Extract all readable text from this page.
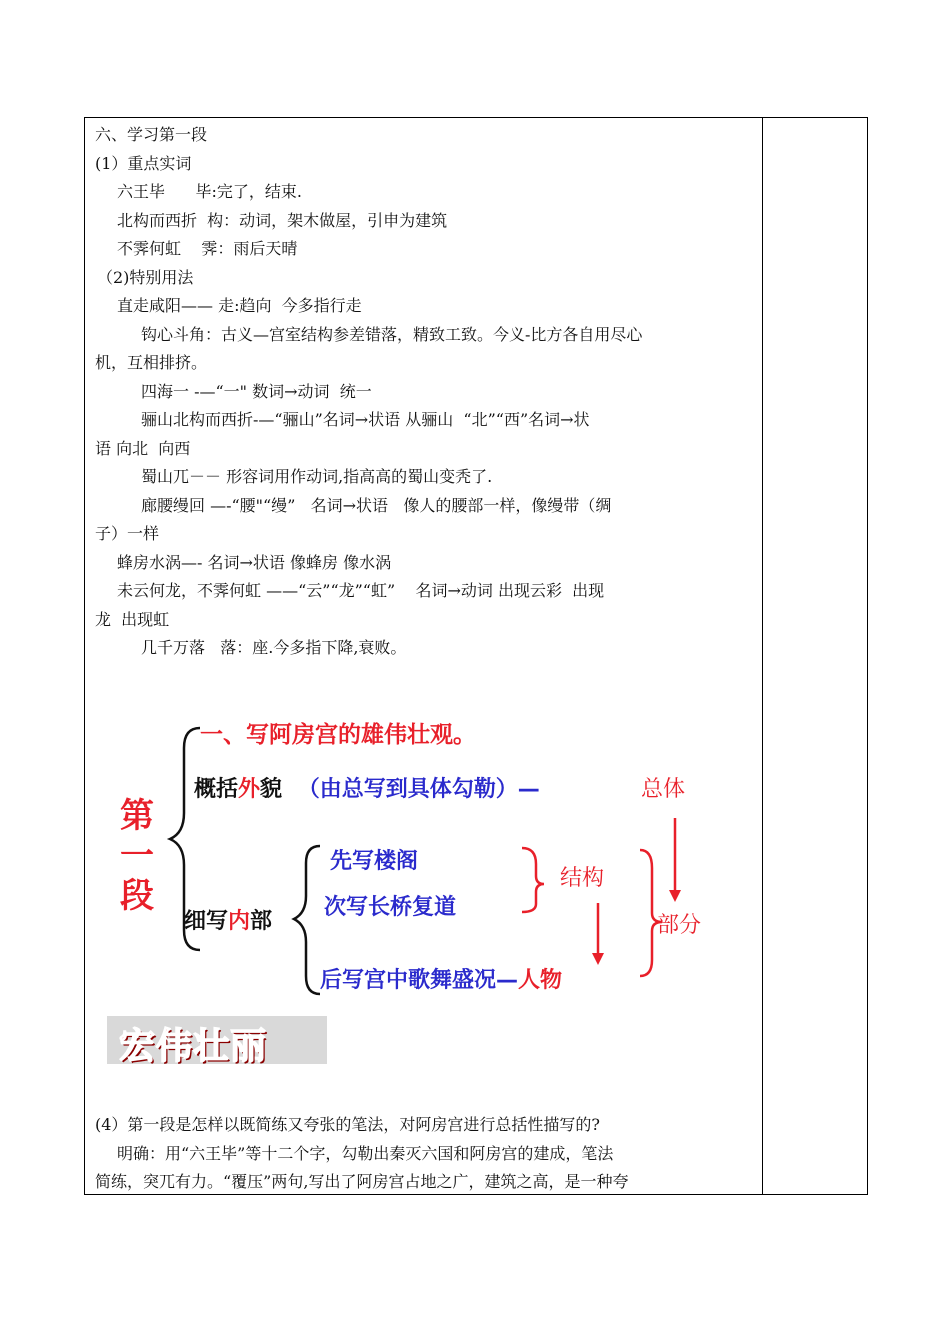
六、学习第一段

(1）重点实词

六王毕      毕:完了，结束.

北构而西折  构：动词，架木做屋，引申为建筑

不霁何虹    霁：雨后天晴

（2)特别用法

直走咸阳—— 走:趋向  今多指行走

钩心斗角：古义—宫室结构参差错落，精致工致。今义-比方各自用尽心

机，互相排挤。

四海一 -—“一" 数词→动词  统一

骊山北构而西折-—“骊山”名词→状语 从骊山  “北”“西”名词→状

语 向北  向西

蜀山兀－－ 形容词用作动词,指高高的蜀山变秃了.

廊腰缦回 —-“腰"“缦”   名词→状语   像人的腰部一样，像缦带（绸

子）一样

蜂房水涡—- 名词→状语 像蜂房 像水涡

未云何龙，不霁何虹 ——“云”“龙”“虹”    名词→动词 出现云彩  出现

龙  出现虹

几千万落   落：座.今多指下降,衰败。

第一段
一、写阿房宫的雄伟壮观。
概括外貌 （由总写到具体勾勒）—	总体
细写内部
先写楼阁
次写长桥复道
后写宫中歌舞盛况—人物
结构
部分
宏伟壮丽

(4）第一段是怎样以既简练又夸张的笔法，对阿房宫进行总括性描写的?

明确：用“六王毕”等十二个字，勾勒出秦灭六国和阿房宫的建成，笔法

简练，突兀有力。“覆压”两句,写出了阿房宫占地之广，建筑之高，是一种夸
